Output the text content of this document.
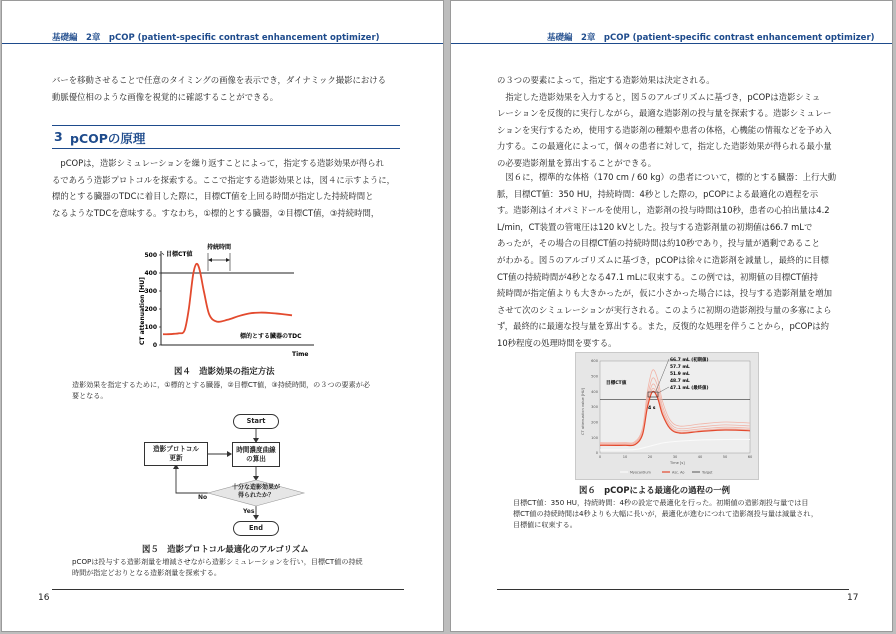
基礎編　2章　pCOP (patient-specific contrast enhancement optimizer)
バーを移動させることで任意のタイミングの画像を表示でき，ダイナミック撮影における
動脈優位相のような画像を視覚的に確認することができる。
3 pCOPの原理
　pCOPは，造影シミュレーションを繰り返すことによって，指定する造影効果が得られ
るであろう造影プロトコルを探索する。ここで指定する造影効果とは，図４に示すように，
標的とする臓器のTDCに着目した際に，目標CT値を上回る時間が指定した持続時間と
なるようなTDCを意味する。すなわち，①標的とする臓器，②目標CT値，③持続時間，
CT attenuation [HU]
0
100
200
300
400
500 目標CT値
持続時間
標的とする臓器のTDC
Time
図４　造影効果の指定方法
造影効果を指定するために，①標的とする臓器，②目標CT値，③持続時間，の３つの要素が必
要となる。
Start
時間濃度曲線
の算出
造影プロトコル
更新
十分な造影効果が
得られたか？
Yes
No
End
図５　造影プロトコル最適化のアルゴリズム
pCOPは投与する造影剤量を増減させながら造影シミュレーションを行い，目標CT値の持続
時間が指定どおりとなる造影剤量を探索する。
16
基礎編　2章　pCOP (patient-specific contrast enhancement optimizer)
の３つの要素によって，指定する造影効果は決定される。
　指定した造影効果を入力すると，図５のアルゴリズムに基づき，pCOPは造影シミュ
レーションを反復的に実行しながら，最適な造影剤の投与量を探索する。造影シミュレー
ションを実行するため，使用する造影剤の種類や患者の体格，心機能の情報などを予め入
力する。この最適化によって，個々の患者に対して，指定した造影効果が得られる最小量
の必要造影剤量を算出することができる。
　図６に，標準的な体格（170 cm / 60 kg）の患者について，標的とする臓器：上行大動
脈，目標CT値：350 HU，持続時間：4秒とした際の，pCOPによる最適化の過程を示
す。造影剤はイオパミドールを使用し，造影剤の投与時間は10秒，患者の心拍出量は4.2
L/min，CT装置の管電圧は120 kVとした。投与する造影剤量の初期値は66.7 mLで
あったが，その場合の目標CT値の持続時間は約10秒であり，投与量が過剰であること
がわかる。図５のアルゴリズムに基づき，pCOPは徐々に造影剤を減量し，最終的に目標
CT値の持続時間が4秒となる47.1 mLに収束する。この例では，初期値の目標CT値持
続時間が指定値よりも大きかったが，仮に小さかった場合には，投与する造影剤量を増加
させて次のシミュレーションが実行される。このように初期の造影剤投与量の多寡によら
ず，最終的に最適な投与量を算出する。また，反復的な処理を伴うことから，pCOPは約
10秒程度の処理時間を要する。
CT attenuation value [HU]
0
100
200
300
400
500
600
0	10	20	30	40	50	60
目標CT値
4 s
66.7 mL (初期値)
57.7 mL
51.9 mL
48.7 mL
47.1 mL (最終値)
Time [s]
Myocardium	Asc. Ao	Target
図６　pCOPによる最適化の過程の一例
目標CT値：350 HU，持続時間：4秒の設定で最適化を行った。初期値の造影剤投与量では目
標CT値の持続時間は4秒よりも大幅に長いが，最適化が進むにつれて造影剤投与量は減量され，
目標値に収束する。
17
